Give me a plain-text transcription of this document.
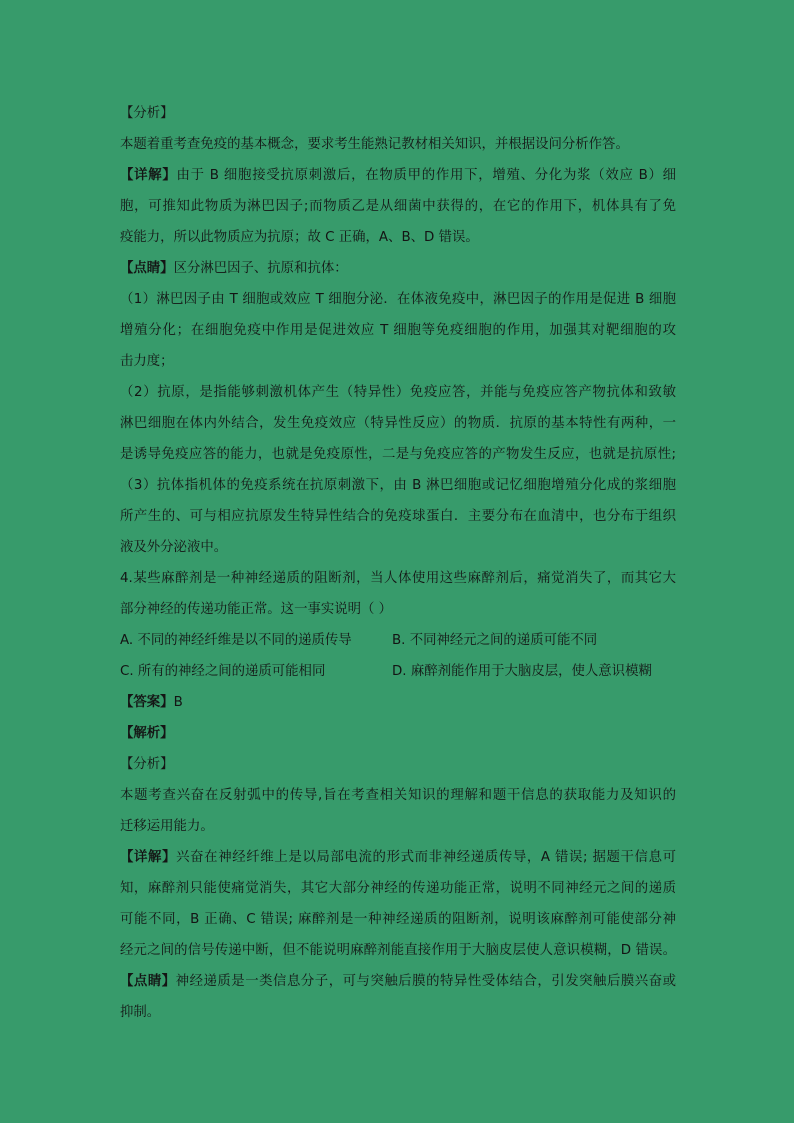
【分析】
本题着重考查免疫的基本概念，要求考生能熟记教材相关知识，并根据设问分析作答。
【详解】由于 B 细胞接受抗原刺激后，在物质甲的作用下，增殖、分化为浆（效应 B）细
胞，可推知此物质为淋巴因子;而物质乙是从细菌中获得的，在它的作用下，机体具有了免
疫能力，所以此物质应为抗原；故 C 正确，A、B、D 错误。
【点睛】区分淋巴因子、抗原和抗体：
（1）淋巴因子由 T 细胞或效应 T 细胞分泌．在体液免疫中，淋巴因子的作用是促进 B 细胞
增殖分化；在细胞免疫中作用是促进效应 T 细胞等免疫细胞的作用，加强其对靶细胞的攻
击力度；
（2）抗原，是指能够刺激机体产生（特异性）免疫应答，并能与免疫应答产物抗体和致敏
淋巴细胞在体内外结合，发生免疫效应（特异性反应）的物质．抗原的基本特性有两种，一
是诱导免疫应答的能力，也就是免疫原性，二是与免疫应答的产物发生反应，也就是抗原性;
（3）抗体指机体的免疫系统在抗原刺激下，由 B 淋巴细胞或记忆细胞增殖分化成的浆细胞
所产生的、可与相应抗原发生特异性结合的免疫球蛋白．主要分布在血清中，也分布于组织
液及外分泌液中。
4.某些麻醉剂是一种神经递质的阻断剂，当人体使用这些麻醉剂后，痛觉消失了，而其它大
部分神经的传递功能正常。这一事实说明（ ）
A. 不同的神经纤维是以不同的递质传导	B. 不同神经元之间的递质可能不同
C. 所有的神经之间的递质可能相同	D. 麻醉剂能作用于大脑皮层，使人意识模糊
【答案】B
【解析】
【分析】
本题考查兴奋在反射弧中的传导,旨在考查相关知识的理解和题干信息的获取能力及知识的
迁移运用能力。
【详解】兴奋在神经纤维上是以局部电流的形式而非神经递质传导，A 错误; 据题干信息可
知，麻醉剂只能使痛觉消失，其它大部分神经的传递功能正常，说明不同神经元之间的递质
可能不同，B 正确、C 错误; 麻醉剂是一种神经递质的阻断剂，说明该麻醉剂可能使部分神
经元之间的信号传递中断，但不能说明麻醉剂能直接作用于大脑皮层使人意识模糊，D 错误。
【点睛】神经递质是一类信息分子，可与突触后膜的特异性受体结合，引发突触后膜兴奋或
抑制。
